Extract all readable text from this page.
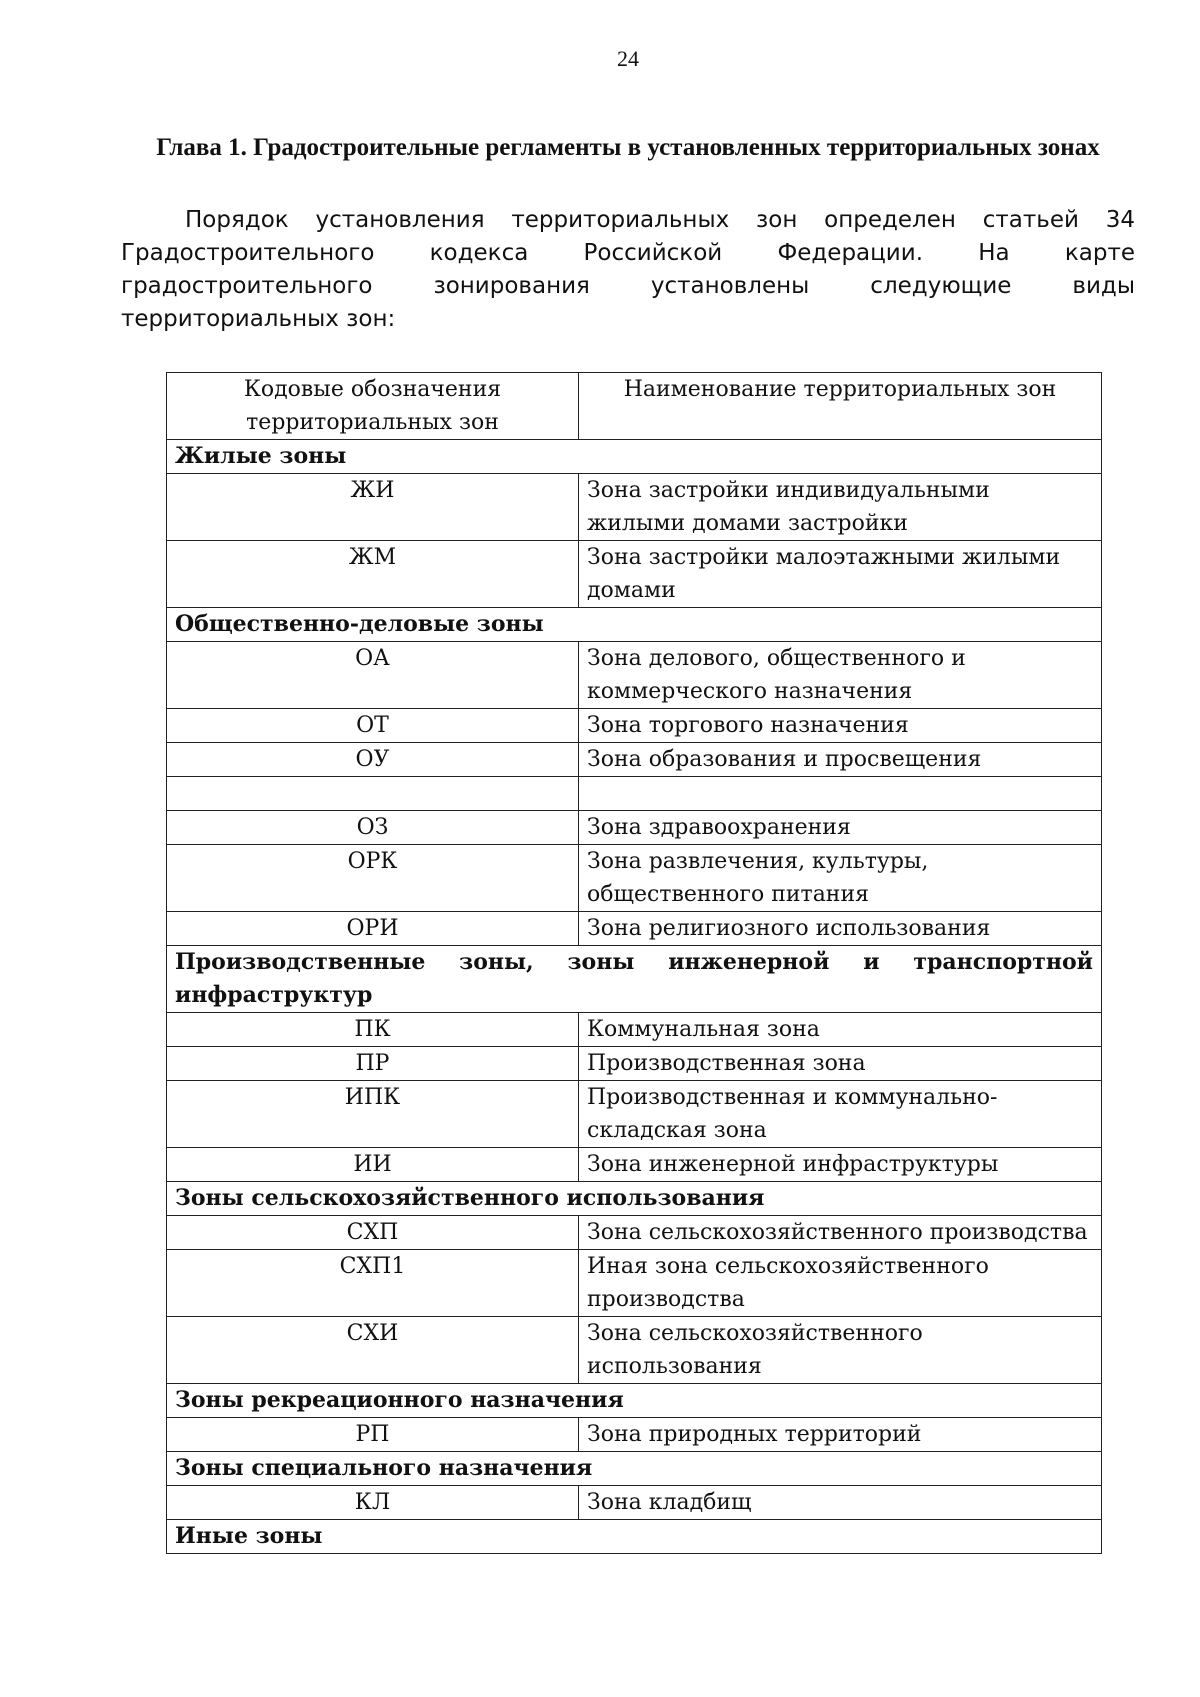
24
Глава 1. Градостроительные регламенты в установленных территориальных зонах

Порядок установления территориальных зон определен статьей 34 Градостроительного кодекса Российской Федерации. На карте градостроительного зонирования установлены следующие виды территориальных зон:

Кодовые обозначения территориальных зон	Наименование территориальных зон
Жилые зоны	
ЖИ	Зона застройки индивидуальными жилыми домами застройки
ЖМ	Зона застройки малоэтажными жилыми домами
Общественно-деловые зоны	
ОА	Зона делового, общественного и коммерческого назначения
ОТ	Зона торгового назначения
ОУ	Зона образования и просвещения

ОЗ	Зона здравоохранения
ОРК	Зона развлечения, культуры, общественного питания
ОРИ	Зона религиозного использования
Производственные зоны, зоны инженерной и транспортной инфраструктур	
ПК	Коммунальная зона
ПР	Производственная зона
ИПК	Производственная и коммунально-складская зона
ИИ	Зона инженерной инфраструктуры
Зоны сельскохозяйственного использования	
СХП	Зона сельскохозяйственного производства
СХП1	Иная зона сельскохозяйственного производства
СХИ	Зона сельскохозяйственного использования
Зоны рекреационного назначения	
РП	Зона природных территорий
Зоны специального назначения	
КЛ	Зона кладбищ
Иные зоны	
